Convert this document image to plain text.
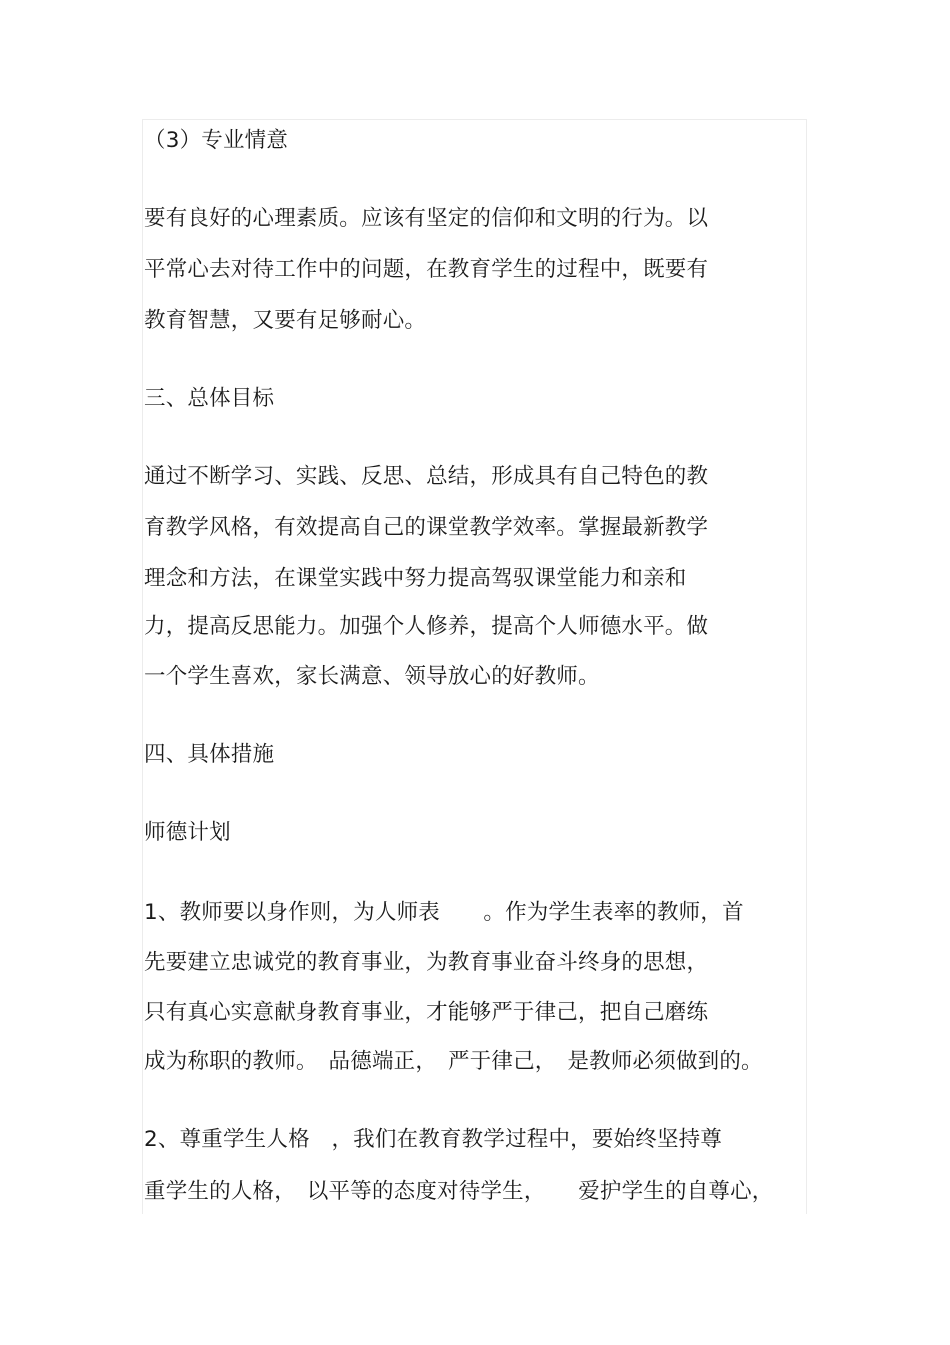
（3）专业情意
要有良好的心理素质。应该有坚定的信仰和文明的行为。以
平常心去对待工作中的问题，在教育学生的过程中，既要有
教育智慧，又要有足够耐心。
三、总体目标
通过不断学习、实践、反思、总结，形成具有自己特色的教
育教学风格，有效提高自己的课堂教学效率。掌握最新教学
理念和方法，在课堂实践中努力提高驾驭课堂能力和亲和
力，提高反思能力。加强个人修养，提高个人师德水平。做
一个学生喜欢，家长满意、领导放心的好教师。
四、具体措施
师德计划
1、教师要以身作则，为人师表　　。作为学生表率的教师，首
先要建立忠诚党的教育事业，为教育事业奋斗终身的思想，
只有真心实意献身教育事业，才能够严于律己，把自己磨练
成为称职的教师。　品德端正，　严于律己，　是教师必须做到的。
2、尊重学生人格　，我们在教育教学过程中，要始终坚持尊
重学生的人格，　以平等的态度对待学生，　　爱护学生的自尊心，
